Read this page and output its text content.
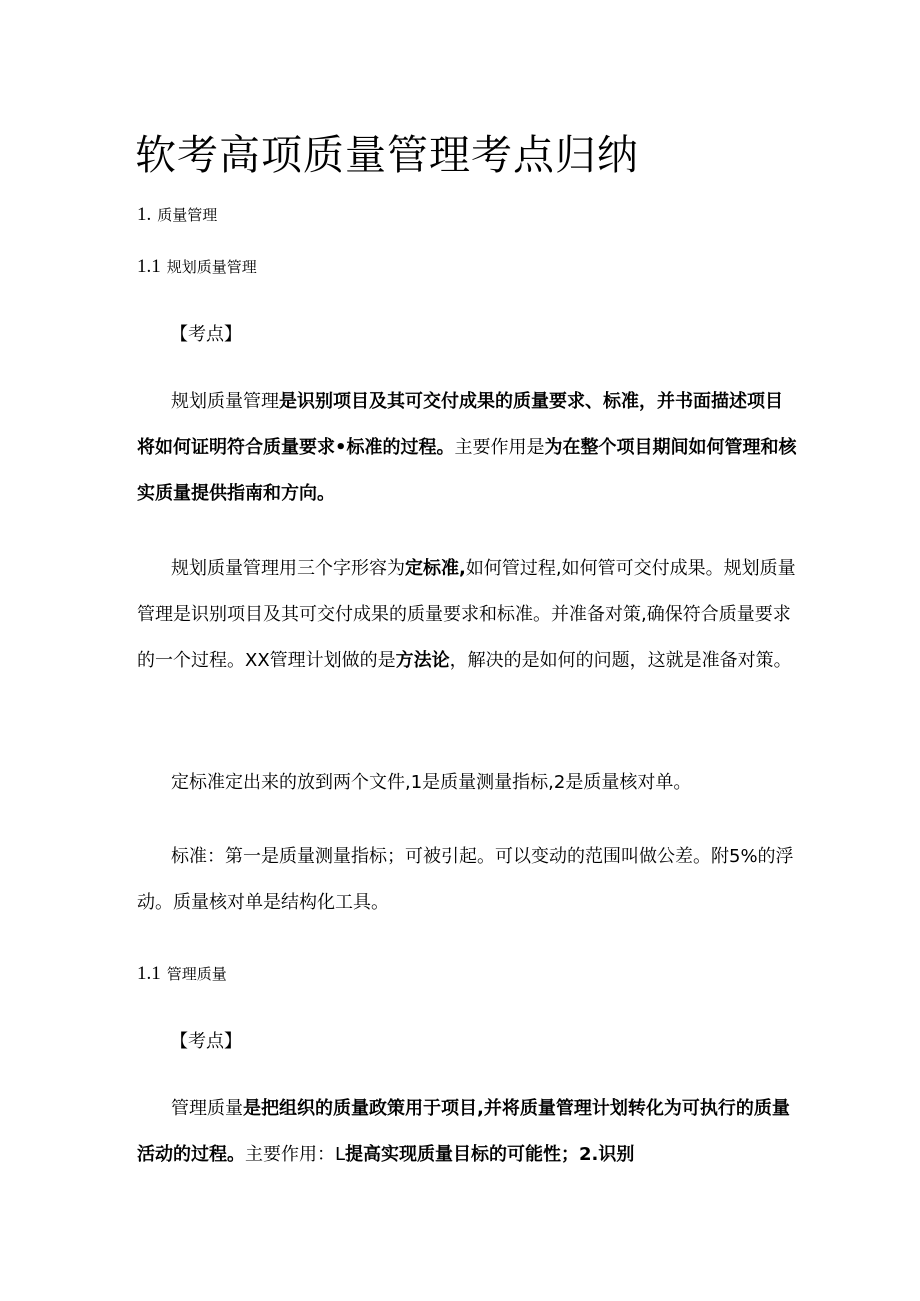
软考高项质量管理考点归纳
1. 质量管理
1.1 规划质量管理
【考点】

规划质量管理是识别项目及其可交付成果的质量要求、标准，并书面描述项目将如何证明符合质量要求•标准的过程。主要作用是为在整个项目期间如何管理和核实质量提供指南和方向。

规划质量管理用三个字形容为定标准,如何管过程,如何管可交付成果。规划质量管理是识别项目及其可交付成果的质量要求和标准。并准备对策,确保符合质量要求的一个过程。XX管理计划做的是方法论，解决的是如何的问题，这就是准备对策。

定标准定出来的放到两个文件,1是质量测量指标,2是质量核对单。

标准：第一是质量测量指标；可被引起。可以变动的范围叫做公差。附5%的浮动。质量核对单是结构化工具。

1.1 管理质量
【考点】

管理质量是把组织的质量政策用于项目,并将质量管理计划转化为可执行的质量活动的过程。主要作用：L提高实现质量目标的可能性；2.识别
